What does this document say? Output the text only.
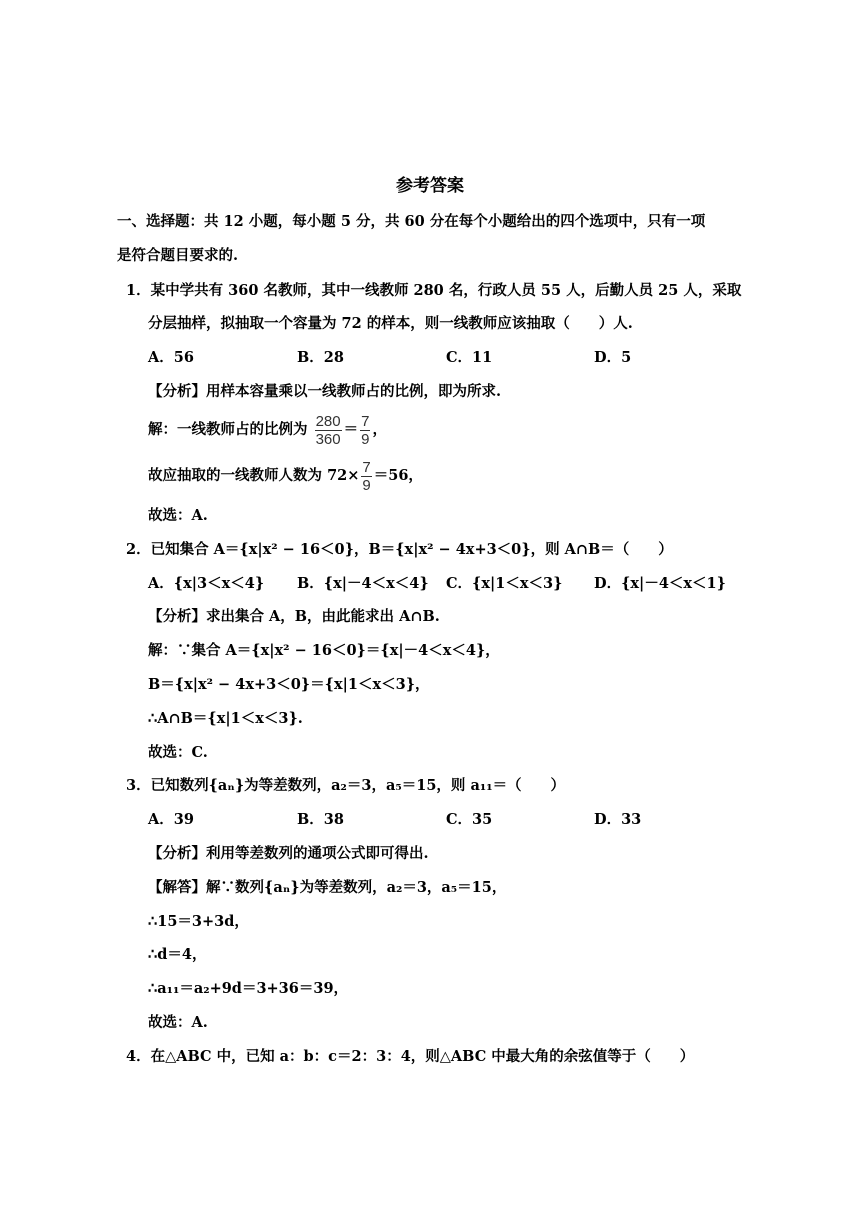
参考答案
一、选择题：共 12 小题，每小题 5 分，共 60 分在每个小题给出的四个选项中，只有一项
是符合题目要求的.
1．某中学共有 360 名教师，其中一线教师 280 名，行政人员 55 人，后勤人员 25 人，采取
分层抽样，拟抽取一个容量为 72 的样本，则一线教师应该抽取（　　）人.
A．56	B．28	C．11	D．5
【分析】用样本容量乘以一线教师占的比例，即为所求.
解：一线教师占的比例为 $\frac{280}{360} = \frac{7}{9}$ ，
故应抽取的一线教师人数为 $72\times \frac{7}{9} =56$，
故选：A.
2．已知集合 A＝{x|x² − 16＜0}，B＝{x|x² − 4x+3＜0}，则 A∩B＝（　　）
A．{x|3＜x＜4} B．{x|－4＜x＜4} C．{x|1＜x＜3} D．{x|－4＜x＜1}
【分析】求出集合 A，B，由此能求出 A∩B.
解：∵集合 A＝{x|x² − 16＜0}＝{x|－4＜x＜4}，
B＝{x|x² − 4x+3＜0}＝{x|1＜x＜3}，
∴A∩B＝{x|1＜x＜3}.
故选：C.
3．已知数列{aₙ}为等差数列，a₂＝3，a₅＝15，则 a₁₁＝（　　）
A．39	B．38	C．35	D．33
【分析】利用等差数列的通项公式即可得出.
【解答】解∵数列{aₙ}为等差数列，a₂＝3，a₅＝15，
∴15＝3+3d，
∴d＝4，
∴a₁₁＝a₂+9d＝3+36＝39，
故选：A.
4．在△ABC 中，已知 a：b：c＝2：3：4，则△ABC 中最大角的余弦值等于（　　）
